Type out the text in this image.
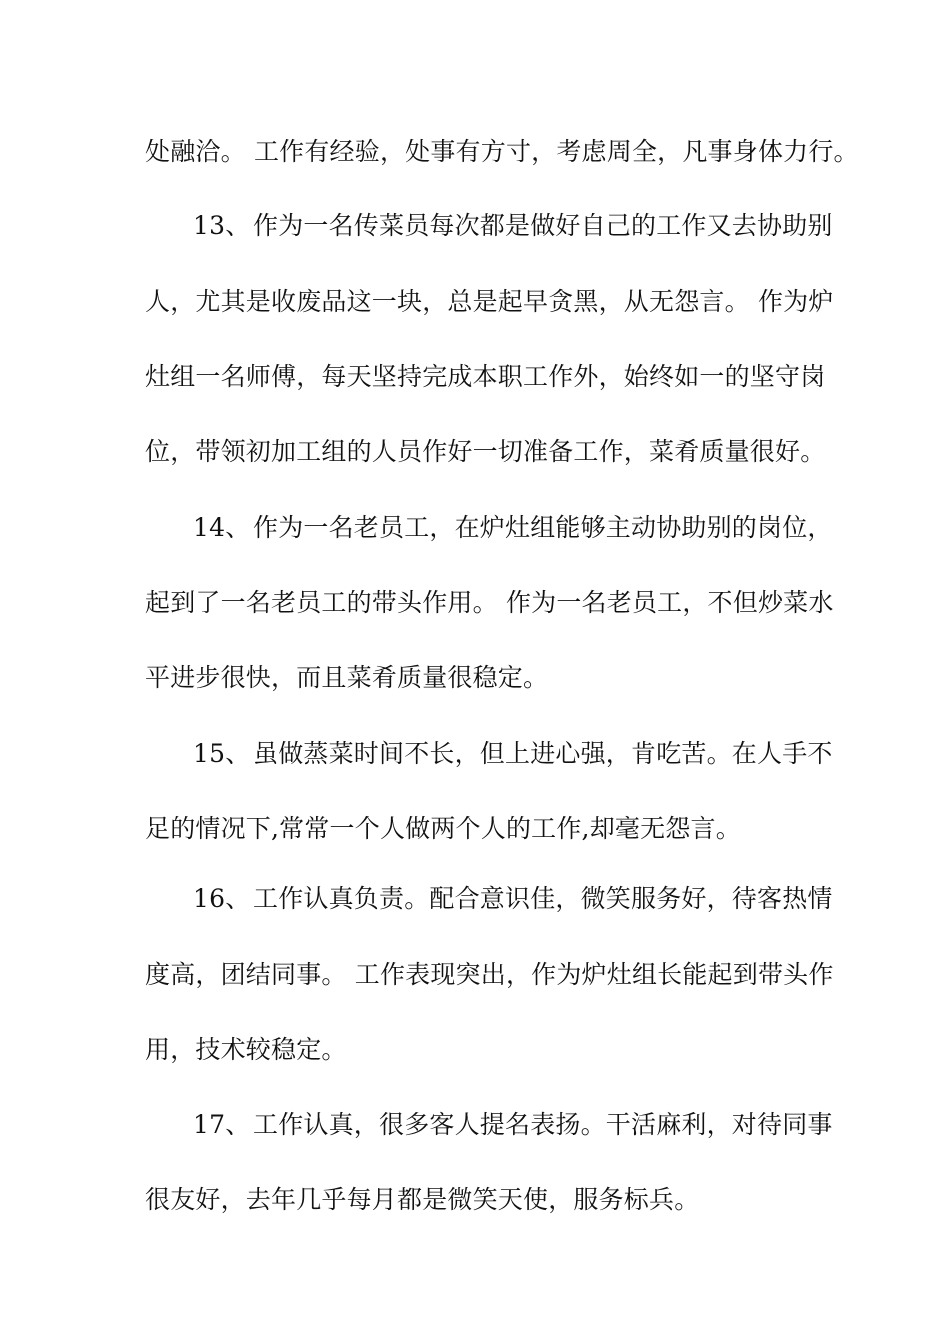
处融洽。 工作有经验，处事有方寸，考虑周全，凡事身体力行。
13、 作为一名传菜员每次都是做好自己的工作又去协助别
人，尤其是收废品这一块，总是起早贪黑，从无怨言。 作为炉
灶组一名师傅，每天坚持完成本职工作外，始终如一的坚守岗
位，带领初加工组的人员作好一切准备工作，菜肴质量很好。
14、 作为一名老员工，在炉灶组能够主动协助别的岗位，
起到了一名老员工的带头作用。 作为一名老员工，不但炒菜水
平进步很快，而且菜肴质量很稳定。
15、 虽做蒸菜时间不长，但上进心强，肯吃苦。在人手不
足的情况下,常常一个人做两个人的工作,却毫无怨言。
16、 工作认真负责。配合意识佳，微笑服务好，待客热情
度高，团结同事。 工作表现突出，作为炉灶组长能起到带头作
用，技术较稳定。
17、 工作认真，很多客人提名表扬。干活麻利，对待同事
很友好，去年几乎每月都是微笑天使，服务标兵。
